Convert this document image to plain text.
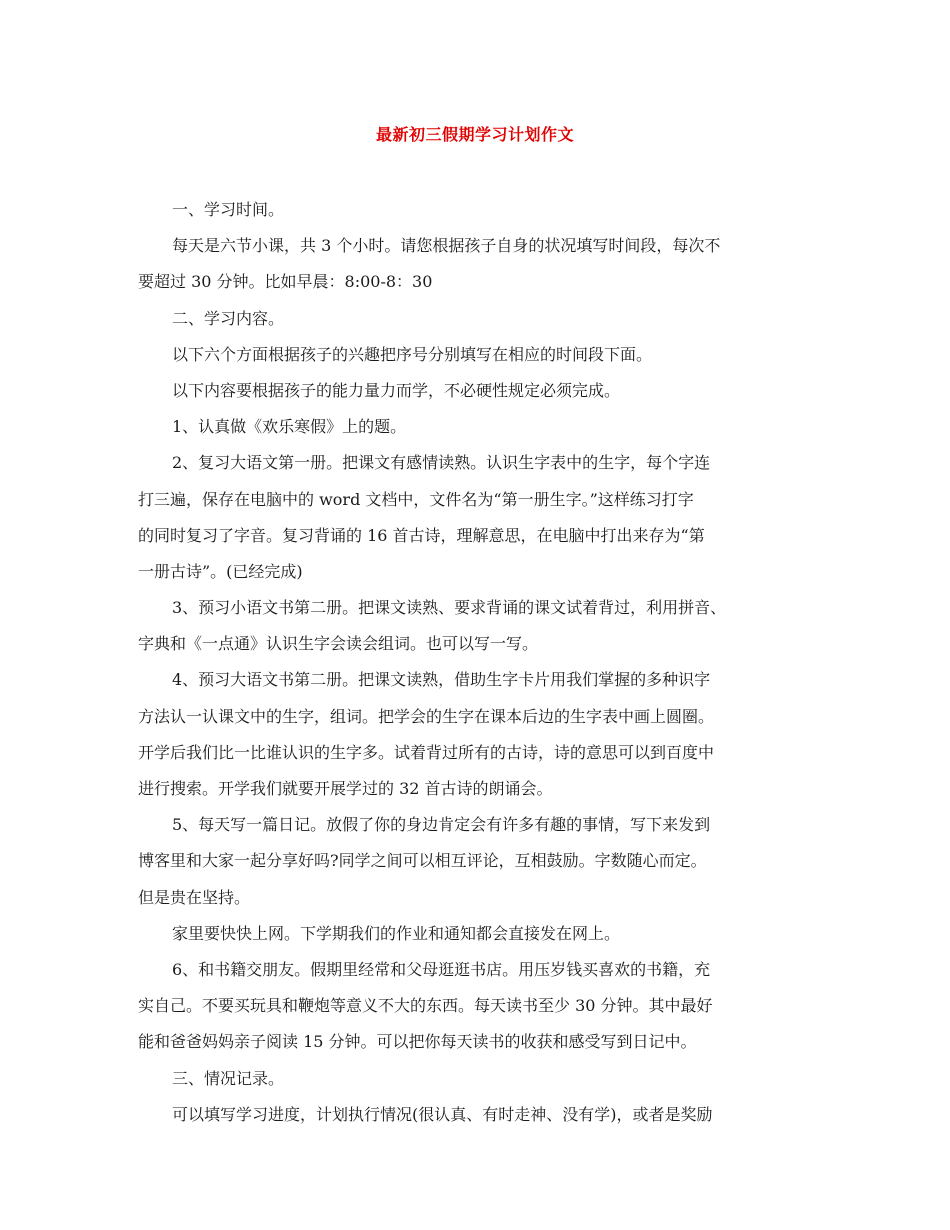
最新初三假期学习计划作文
一、学习时间。
每天是六节小课，共 3 个小时。请您根据孩子自身的状况填写时间段，每次不
要超过 30 分钟。比如早晨：8:00-8：30
二、学习内容。
以下六个方面根据孩子的兴趣把序号分别填写在相应的时间段下面。
以下内容要根据孩子的能力量力而学，不必硬性规定必须完成。
1、认真做《欢乐寒假》上的题。
2、复习大语文第一册。把课文有感情读熟。认识生字表中的生字，每个字连
打三遍，保存在电脑中的 word 文档中，文件名为“第一册生字。”这样练习打字
的同时复习了字音。复习背诵的 16 首古诗，理解意思，在电脑中打出来存为“第
一册古诗”。(已经完成)
3、预习小语文书第二册。把课文读熟、要求背诵的课文试着背过，利用拼音、
字典和《一点通》认识生字会读会组词。也可以写一写。
4、预习大语文书第二册。把课文读熟，借助生字卡片用我们掌握的多种识字
方法认一认课文中的生字，组词。把学会的生字在课本后边的生字表中画上圆圈。
开学后我们比一比谁认识的生字多。试着背过所有的古诗，诗的意思可以到百度中
进行搜索。开学我们就要开展学过的 32 首古诗的朗诵会。
5、每天写一篇日记。放假了你的身边肯定会有许多有趣的事情，写下来发到
博客里和大家一起分享好吗?同学之间可以相互评论，互相鼓励。字数随心而定。
但是贵在坚持。
家里要快快上网。下学期我们的作业和通知都会直接发在网上。
6、和书籍交朋友。假期里经常和父母逛逛书店。用压岁钱买喜欢的书籍，充
实自己。不要买玩具和鞭炮等意义不大的东西。每天读书至少 30 分钟。其中最好
能和爸爸妈妈亲子阅读 15 分钟。可以把你每天读书的收获和感受写到日记中。
三、情况记录。
可以填写学习进度，计划执行情况(很认真、有时走神、没有学)，或者是奖励
